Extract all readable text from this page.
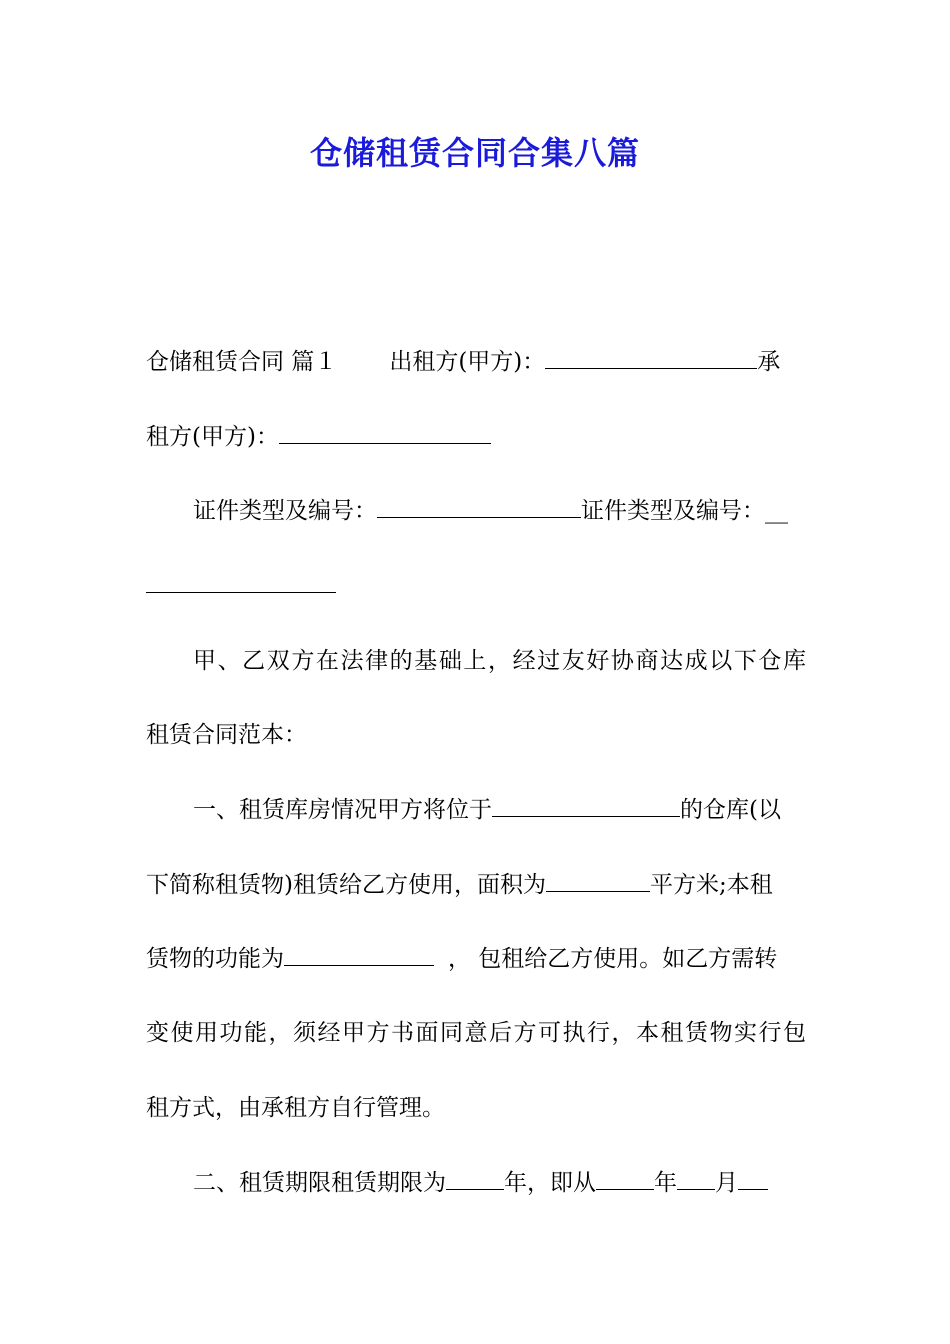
仓储租赁合同合集八篇
仓储租赁合同 篇１ 出租方(甲方)：	承
租方(甲方)：
证件类型及编号：	证件类型及编号：__
甲、乙双方在法律的基础上，经过友好协商达成以下仓库
租赁合同范本：
一、租赁库房情况甲方将位于	的仓库(以
下简称租赁物)租赁给乙方使用，面积为	平方米;本租
赁物的功能为	， 包租给乙方使用。如乙方需转
变使用功能，须经甲方书面同意后方可执行，本租赁物实行包
租方式，由承租方自行管理。
二、租赁期限租赁期限为	年，即从	年 月
